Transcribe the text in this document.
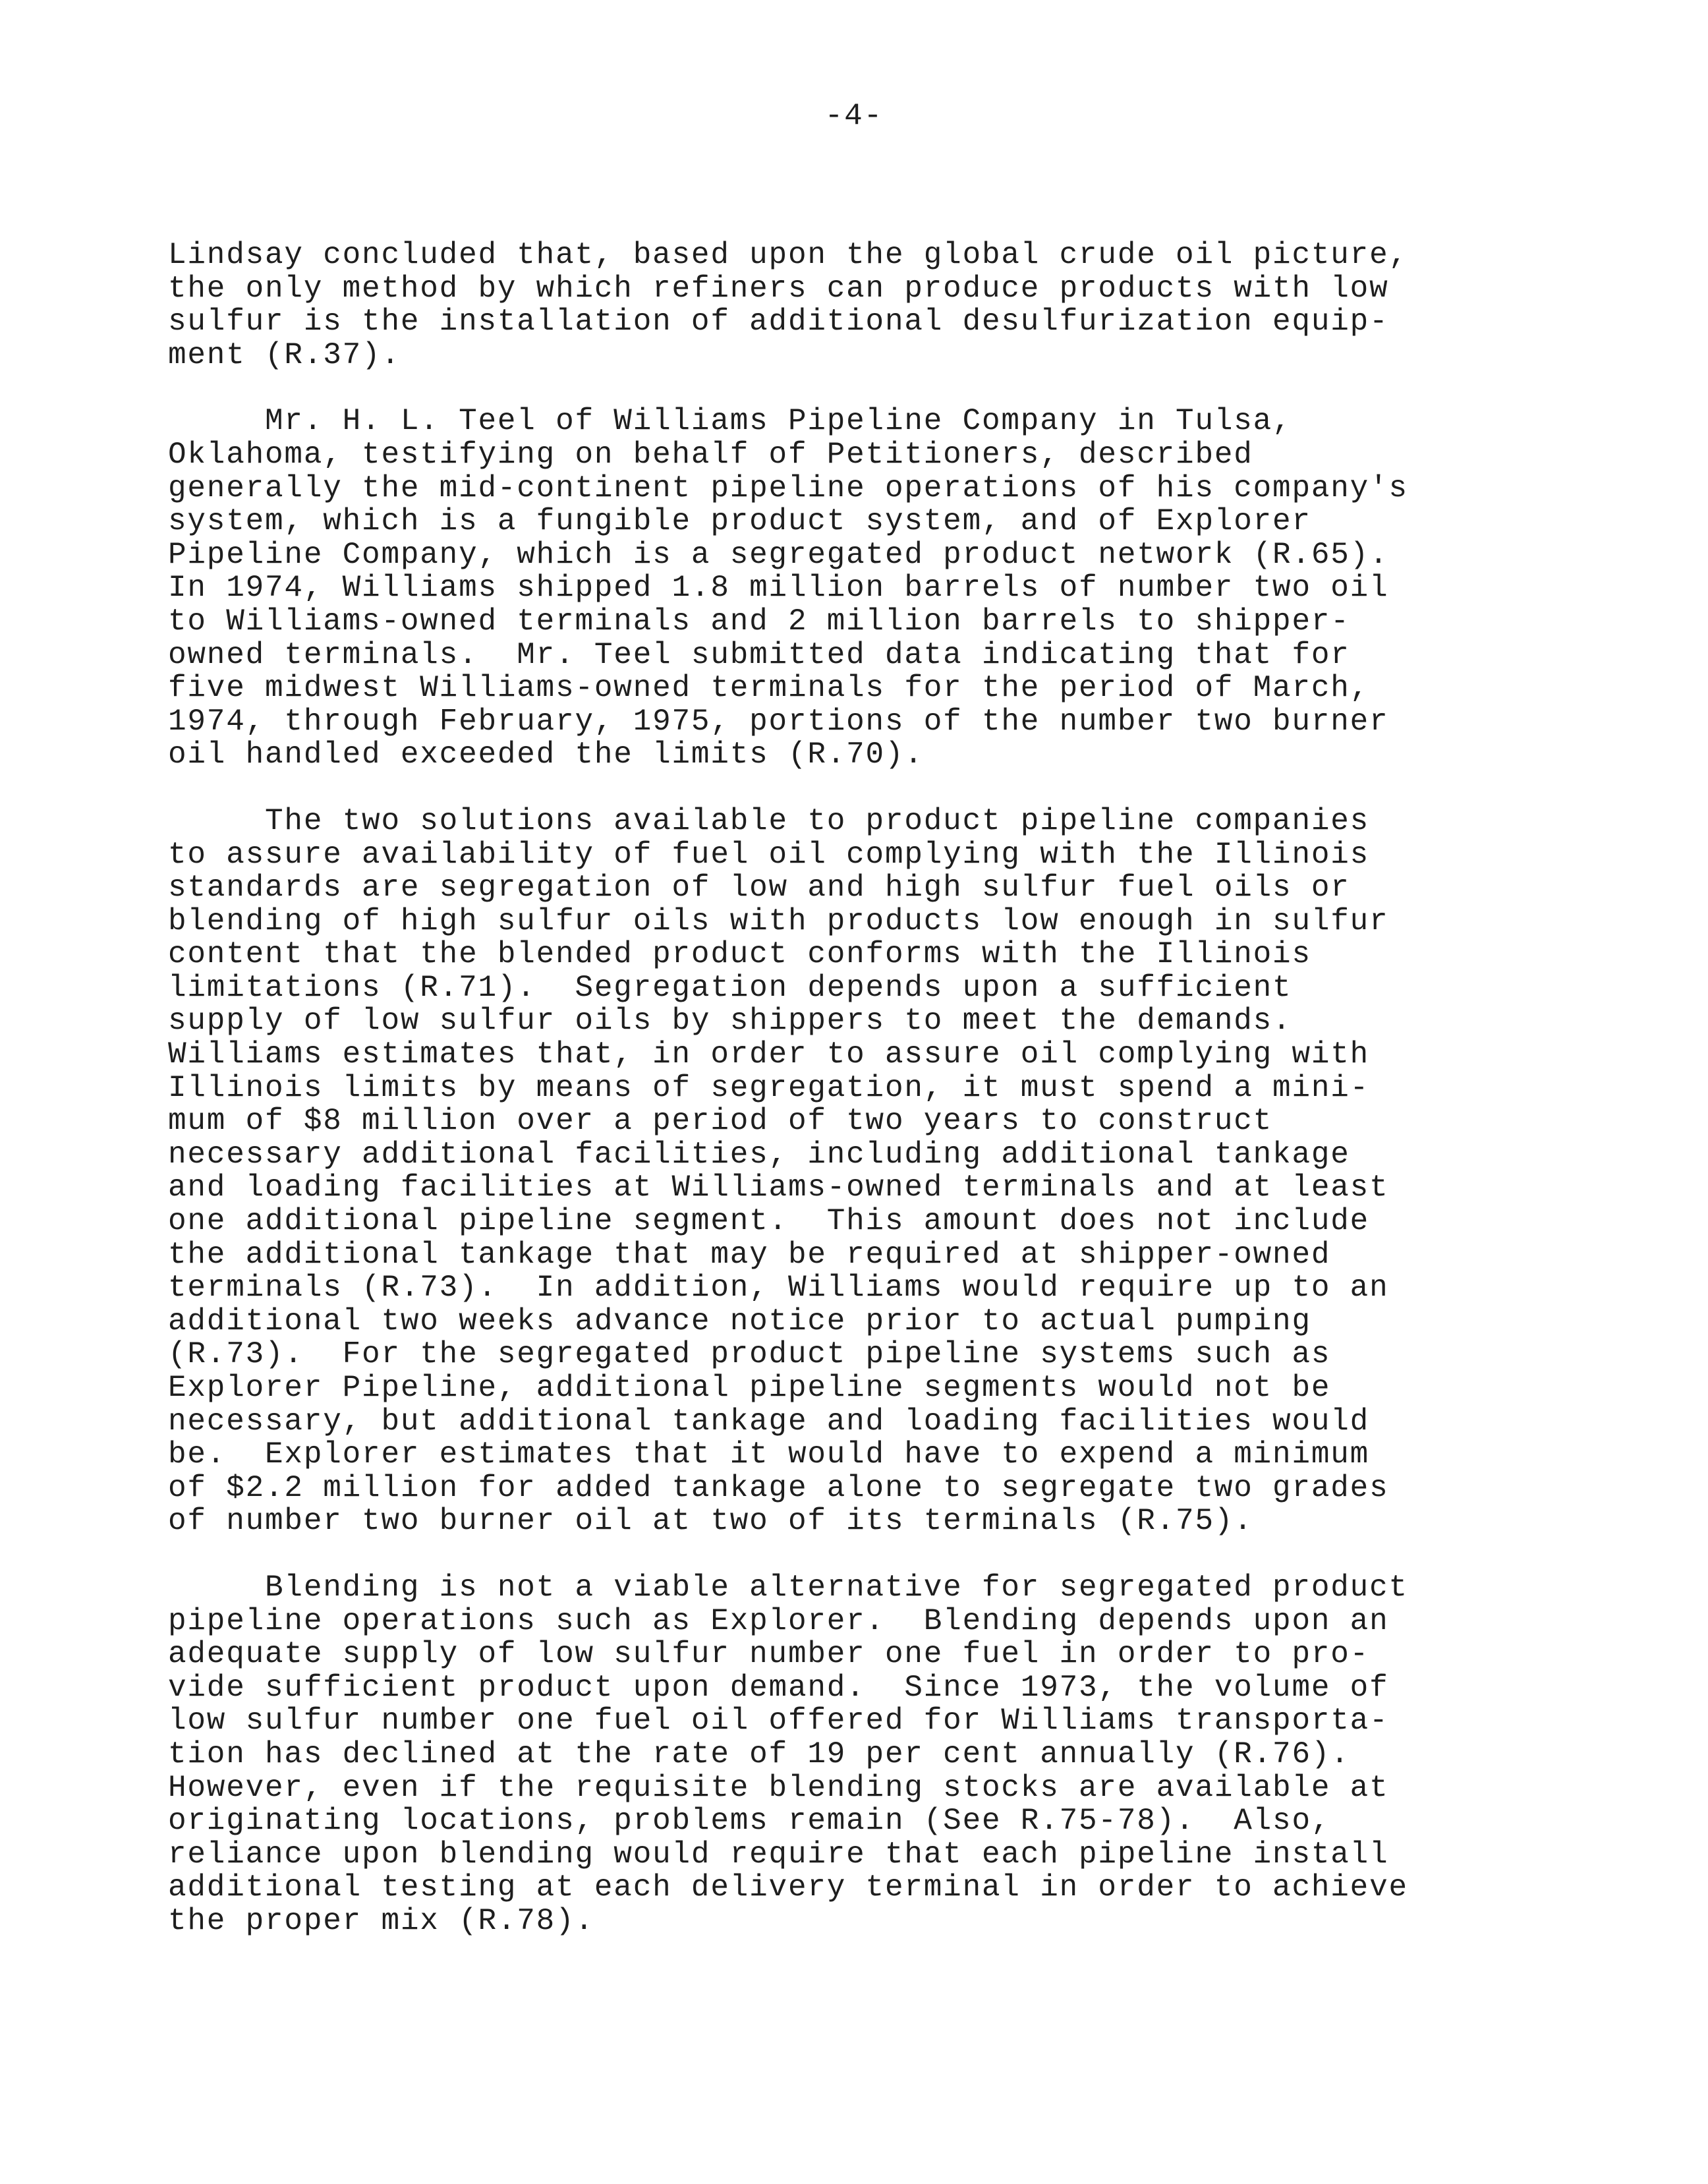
-4-
Lindsay concluded that, based upon the global crude oil picture,
the only method by which refiners can produce products with low
sulfur is the installation of additional desulfurization equip-
ment (R.37).
Mr. H. L. Teel of Williams Pipeline Company in Tulsa,
Oklahoma, testifying on behalf of Petitioners, described
generally the mid-continent pipeline operations of his company's
system, which is a fungible product system, and of Explorer
Pipeline Company, which is a segregated product network (R.65).
In 1974, Williams shipped 1.8 million barrels of number two oil
to Williams-owned terminals and 2 million barrels to shipper-
owned terminals.  Mr. Teel submitted data indicating that for
five midwest Williams-owned terminals for the period of March,
1974, through February, 1975, portions of the number two burner
oil handled exceeded the limits (R.70).
The two solutions available to product pipeline companies
to assure availability of fuel oil complying with the Illinois
standards are segregation of low and high sulfur fuel oils or
blending of high sulfur oils with products low enough in sulfur
content that the blended product conforms with the Illinois
limitations (R.71).  Segregation depends upon a sufficient
supply of low sulfur oils by shippers to meet the demands.
Williams estimates that, in order to assure oil complying with
Illinois limits by means of segregation, it must spend a mini-
mum of $8 million over a period of two years to construct
necessary additional facilities, including additional tankage
and loading facilities at Williams-owned terminals and at least
one additional pipeline segment.  This amount does not include
the additional tankage that may be required at shipper-owned
terminals (R.73).  In addition, Williams would require up to an
additional two weeks advance notice prior to actual pumping
(R.73).  For the segregated product pipeline systems such as
Explorer Pipeline, additional pipeline segments would not be
necessary, but additional tankage and loading facilities would
be.  Explorer estimates that it would have to expend a minimum
of $2.2 million for added tankage alone to segregate two grades
of number two burner oil at two of its terminals (R.75).
Blending is not a viable alternative for segregated product
pipeline operations such as Explorer.  Blending depends upon an
adequate supply of low sulfur number one fuel in order to pro-
vide sufficient product upon demand.  Since 1973, the volume of
low sulfur number one fuel oil offered for Williams transporta-
tion has declined at the rate of 19 per cent annually (R.76).
However, even if the requisite blending stocks are available at
originating locations, problems remain (See R.75-78).  Also,
reliance upon blending would require that each pipeline install
additional testing at each delivery terminal in order to achieve
the proper mix (R.78).
